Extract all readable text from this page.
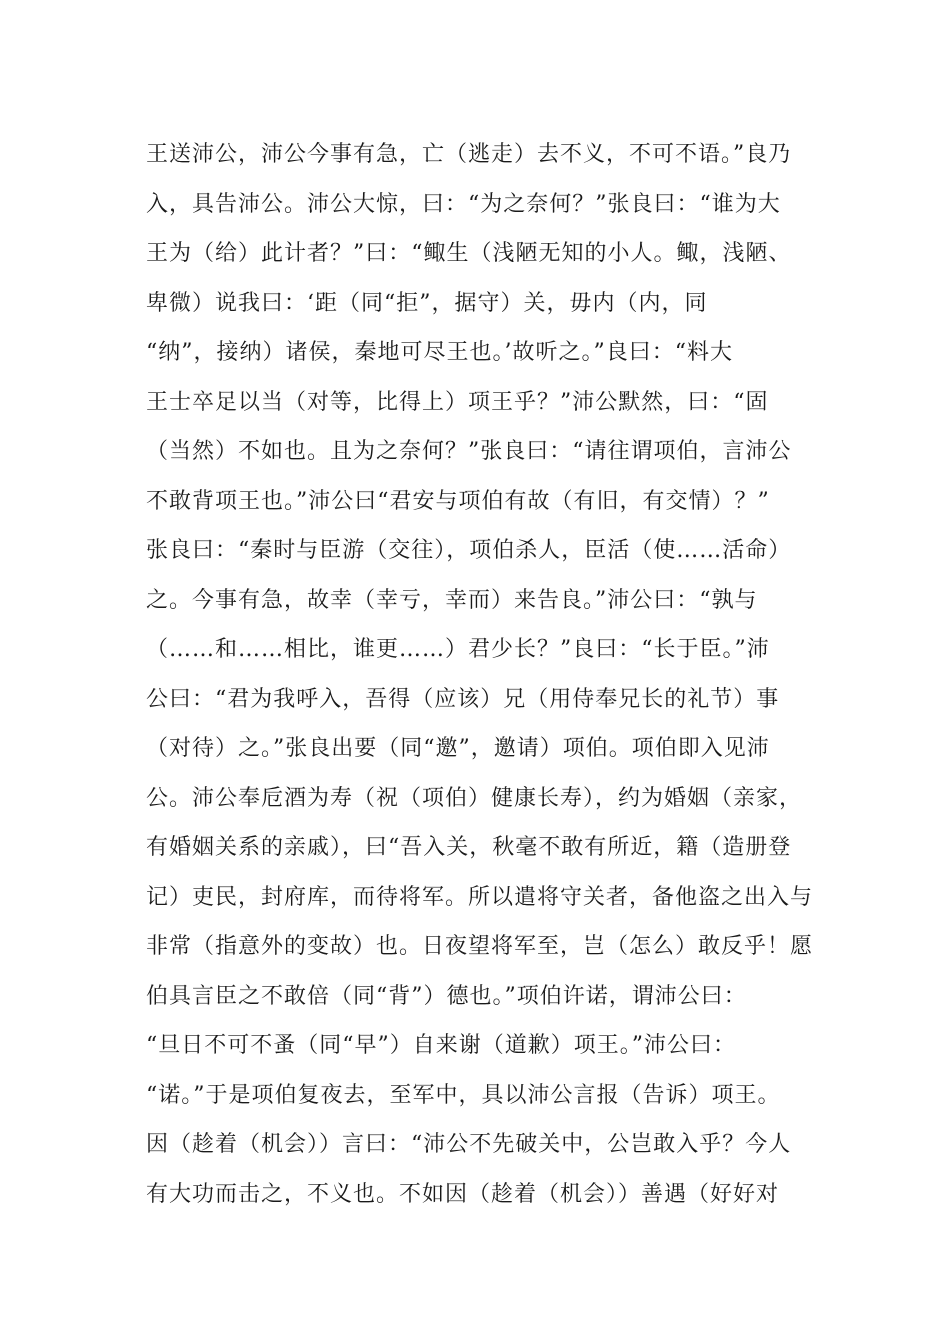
王送沛公，沛公今事有急，亡（逃走）去不义，不可不语。”良乃
入，具告沛公。沛公大惊，曰：“为之奈何？”张良曰：“谁为大
王为（给）此计者？”曰：“鲰生（浅陋无知的小人。鲰，浅陋、
卑微）说我曰：‘距（同“拒”，据守）关，毋内（内，同
“纳”，接纳）诸侯，秦地可尽王也。’故听之。”良曰：“料大
王士卒足以当（对等，比得上）项王乎？”沛公默然，曰：“固
（当然）不如也。且为之奈何？”张良曰：“请往谓项伯，言沛公
不敢背项王也。”沛公曰“君安与项伯有故（有旧，有交情）？”
张良曰：“秦时与臣游（交往），项伯杀人，臣活（使……活命）
之。今事有急，故幸（幸亏，幸而）来告良。”沛公曰：“孰与
（……和……相比，谁更……）君少长？”良曰：“长于臣。”沛
公曰：“君为我呼入，吾得（应该）兄（用侍奉兄长的礼节）事
（对待）之。”张良出要（同“邀”，邀请）项伯。项伯即入见沛
公。沛公奉卮酒为寿（祝（项伯）健康长寿），约为婚姻（亲家，
有婚姻关系的亲戚），曰“吾入关，秋毫不敢有所近，籍（造册登
记）吏民，封府库，而待将军。所以遣将守关者，备他盗之出入与
非常（指意外的变故）也。日夜望将军至，岂（怎么）敢反乎！愿
伯具言臣之不敢倍（同“背”）德也。”项伯许诺，谓沛公曰：
“旦日不可不蚤（同“早”）自来谢（道歉）项王。”沛公曰：
“诺。”于是项伯复夜去，至军中，具以沛公言报（告诉）项王。
因（趁着（机会））言曰：“沛公不先破关中，公岂敢入乎？今人
有大功而击之，不义也。不如因（趁着（机会））善遇（好好对
